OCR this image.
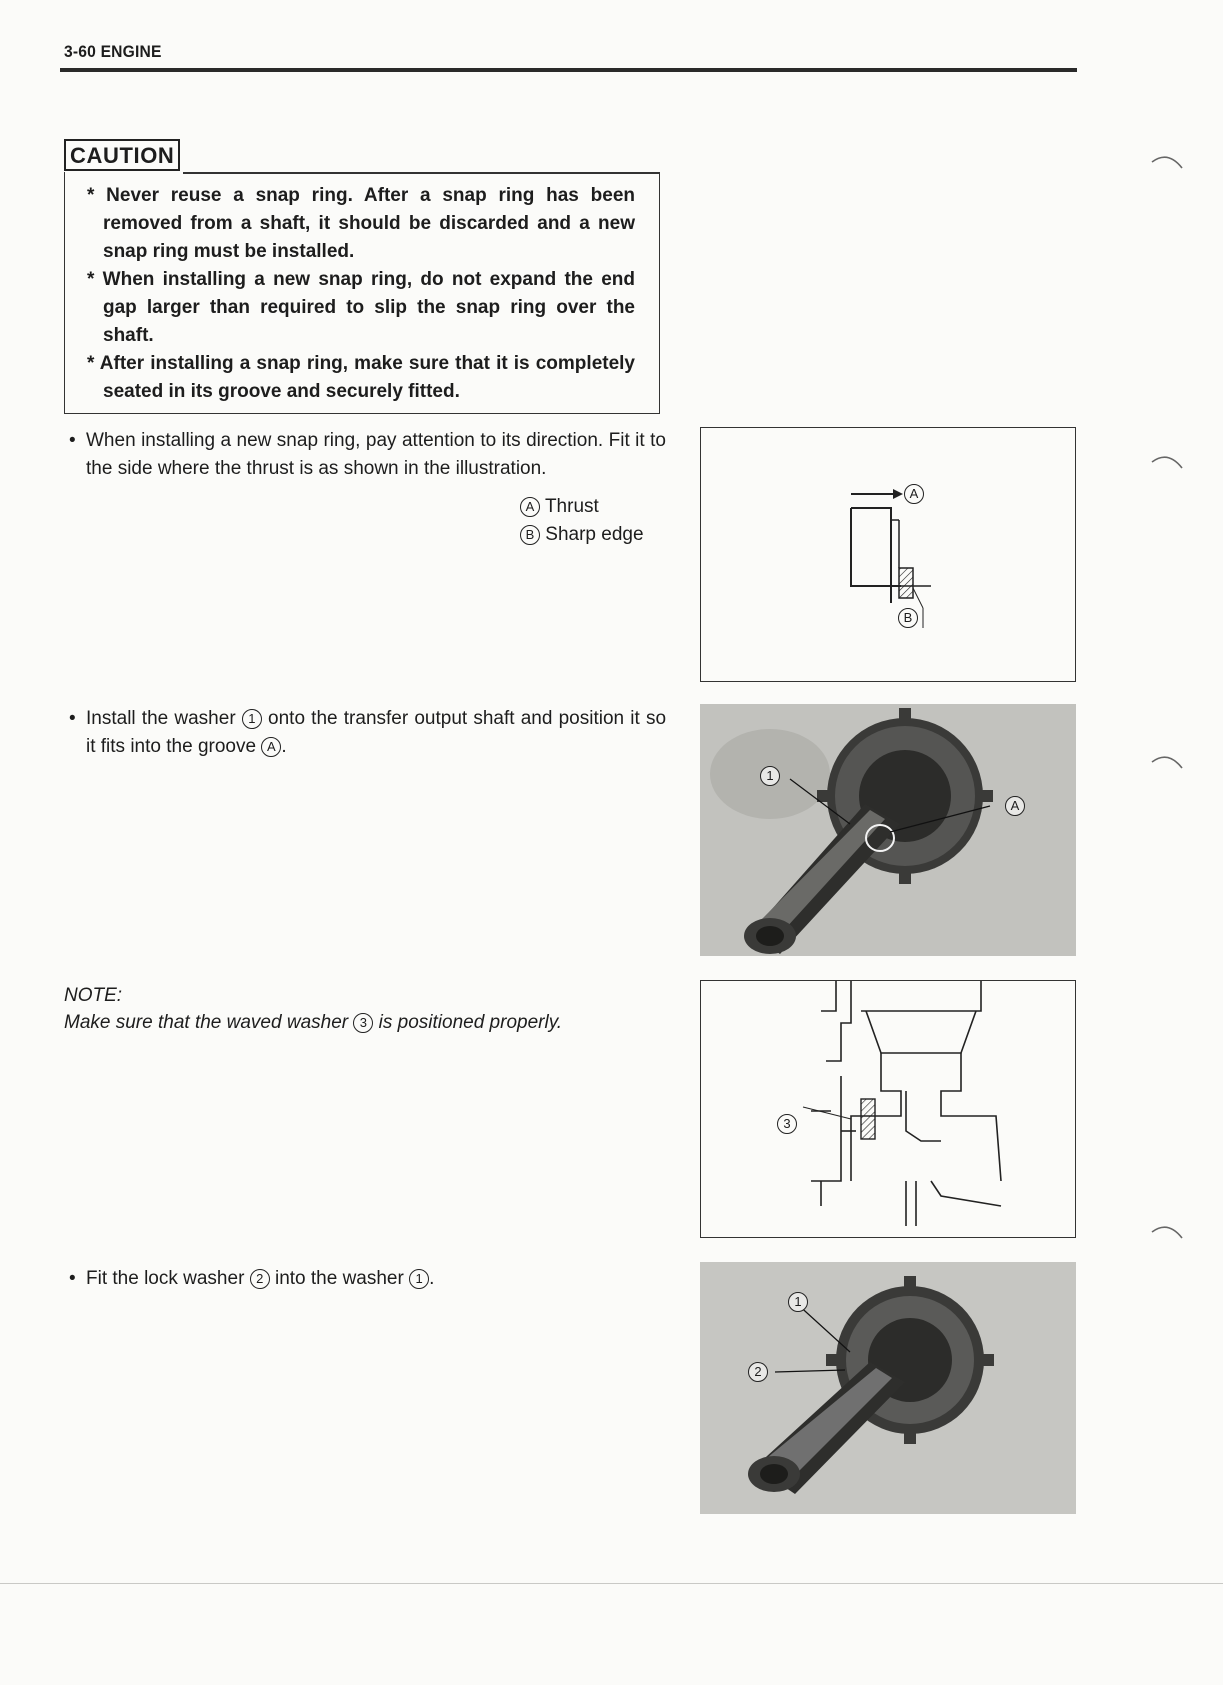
3-60 ENGINE
* Never reuse a snap ring. After a snap ring has been removed from a shaft, it should be discarded and a new snap ring must be installed.
* When installing a new snap ring, do not expand the end gap larger than required to slip the snap ring over the shaft.
* After installing a snap ring, make sure that it is completely seated in its groove and securely fitted.
CAUTION
• When installing a new snap ring, pay attention to its direction. Fit it to the side where the thrust is as shown in the illustration.
A Thrust
B Sharp edge
A
B
• Install the washer 1 onto the transfer output shaft and position it so it fits into the groove A .
1
A
NOTE:
Make sure that the waved washer 3 is positioned properly.
3
• Fit the lock washer 2 into the washer 1 .
1
2
